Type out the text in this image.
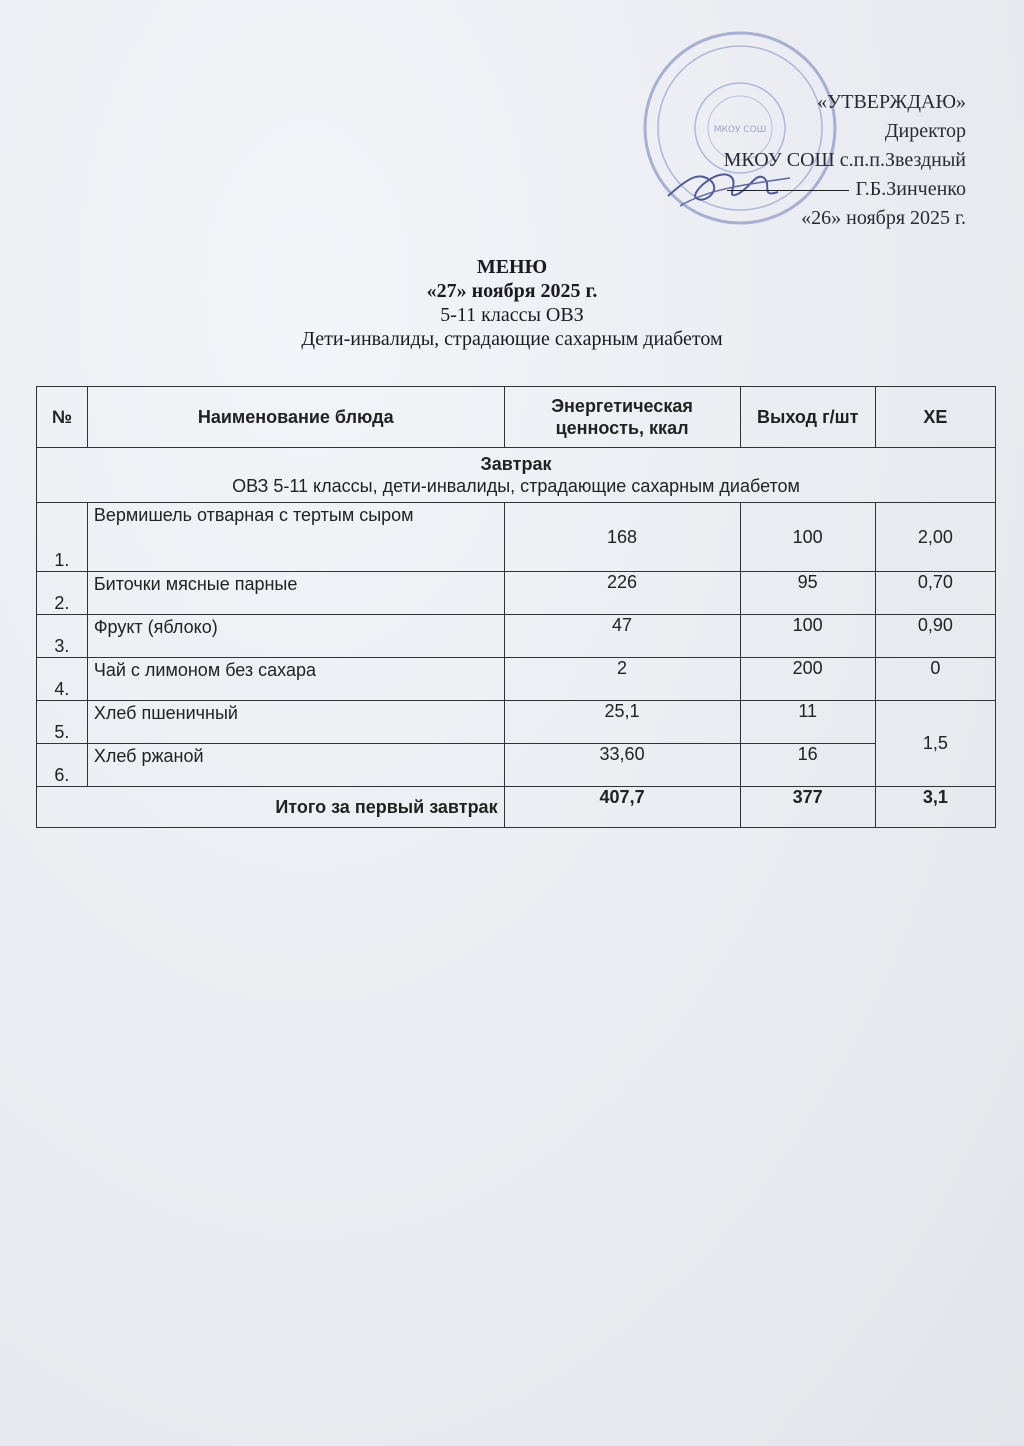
МКОУ СОШ
«УТВЕРЖДАЮ»
Директор
МКОУ СОШ с.п.п.Звездный
Г.Б.Зинченко
«26» ноября 2025 г.
МЕНЮ
«27» ноября 2025 г.
5-11 классы ОВЗ
Дети-инвалиды, страдающие сахарным диабетом
№	Наименование блюда	Энергетическая ценность, ккал	Выход г/шт	ХЕ

Завтрак
ОВЗ 5-11 классы, дети-инвалиды, страдающие сахарным диабетом				

1.	Вермишель отварная с тертым сыром	168	100	2,00
2.	Биточки мясные парные	226	95	0,70
3.	Фрукт (яблоко)	47	100	0,90
4.	Чай с лимоном без сахара	2	200	0
5.	Хлеб пшеничный	25,1	11	1,5
6.	Хлеб ржаной	33,60	16	
Итого за первый завтрак		407,7	377	3,1
